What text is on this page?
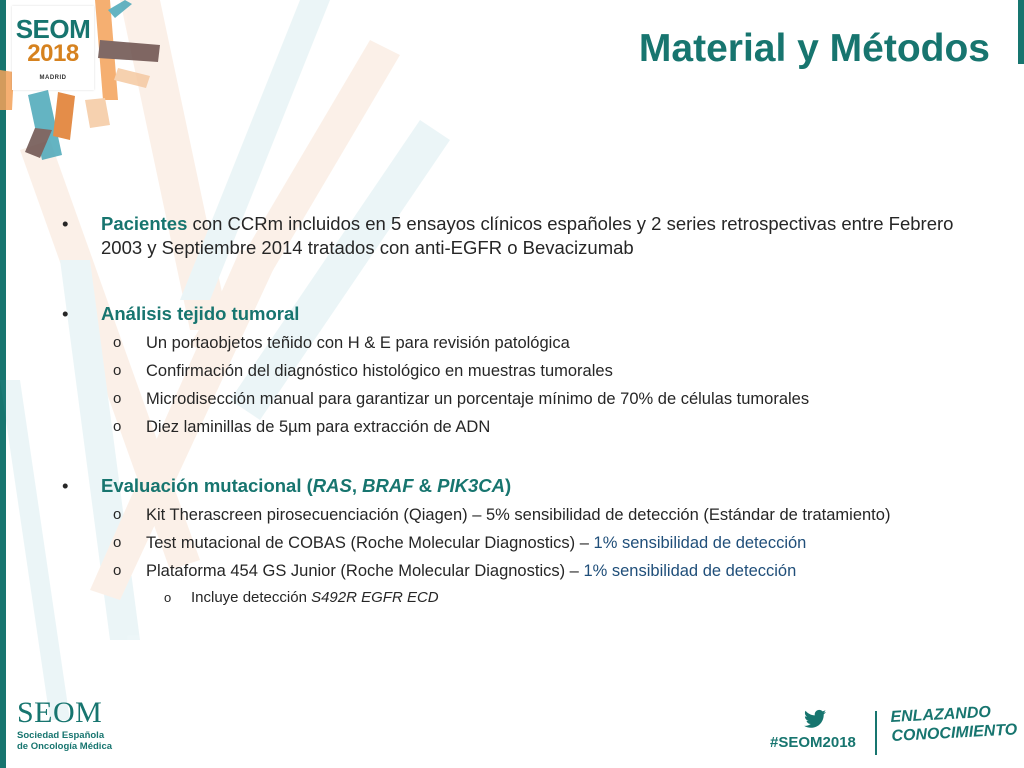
SEOM
2018
MADRID
Material y Métodos
• Pacientes con CCRm incluidos en 5 ensayos clínicos españoles y 2 series retrospectivas entre Febrero 2003 y Septiembre 2014 tratados con anti-EGFR o Bevacizumab
• Análisis tejido tumoral
o Un portaobjetos teñido con H & E para revisión patológica
o Confirmación del diagnóstico histológico en muestras tumorales
o Microdisección manual para garantizar un porcentaje mínimo de 70% de células tumorales
o Diez laminillas de 5µm para extracción de ADN
• Evaluación mutacional (RAS, BRAF & PIK3CA)
o Kit Therascreen pirosecuenciación (Qiagen) – 5% sensibilidad de detección (Estándar de tratamiento)
o Test mutacional de COBAS (Roche Molecular Diagnostics) – 1% sensibilidad de detección
o Plataforma 454 GS Junior (Roche Molecular Diagnostics) – 1% sensibilidad de detección
o Incluye detección S492R EGFR ECD
SEOM
Sociedad Española
de Oncología Médica	#SEOM2018
ENLAZANDO
CONOCIMIENTO
